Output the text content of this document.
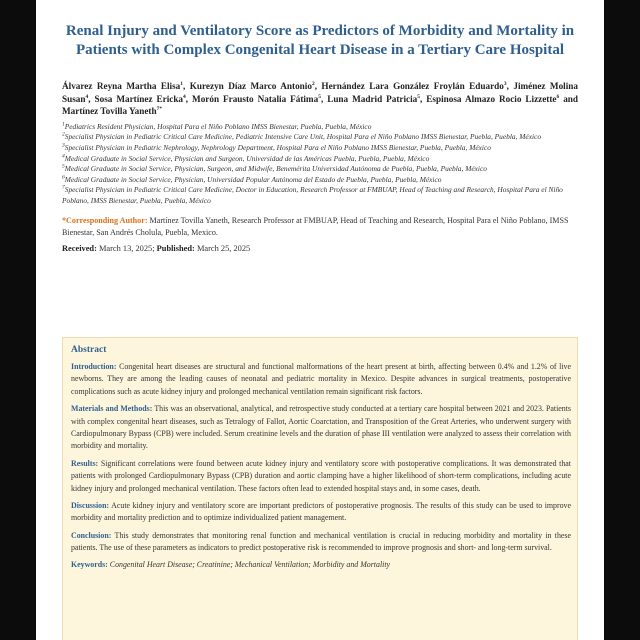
Renal Injury and Ventilatory Score as Predictors of Morbidity and Mortality in Patients with Complex Congenital Heart Disease in a Tertiary Care Hospital
Álvarez Reyna Martha Elisa$^1$, Kurezyn Díaz Marco Antonio$^2$, Hernández Lara González Froylán Eduardo$^3$, Jiménez Molina Susan$^4$, Sosa Martínez Ericka$^4$, Morón Frausto Natalia Fátima$^5$, Luna Madrid Patricia$^5$, Espinosa Almazo Rocio Lizzette$^6$ and Martínez Tovilla Yaneth$^{7*}$

$^1$Pediatrics Resident Physician, Hospital Para el Niño Poblano IMSS Bienestar, Puebla, Puebla, México

$^2$Specialist Physician in Pediatric Critical Care Medicine, Pediatric Intensive Care Unit, Hospital Para el Niño Poblano IMSS Bienestar, Puebla, Puebla, México

$^3$Specialist Physician in Pediatric Nephrology, Nephrology Department, Hospital Para el Niño Poblano IMSS Bienestar, Puebla, Puebla, México

$^4$Medical Graduate in Social Service, Physician and Surgeon, Universidad de las Américas Puebla, Puebla, Puebla, México

$^5$Medical Graduate in Social Service, Physician, Surgeon, and Midwife, Benemérita Universidad Autónoma de Puebla, Puebla, Puebla, México

$^6$Medical Graduate in Social Service, Physician, Universidad Popular Autónoma del Estado de Puebla, Puebla, Puebla, México

$^7$Specialist Physician in Pediatric Critical Care Medicine, Doctor in Education, Research Professor at FMBUAP, Head of Teaching and Research, Hospital Para el Niño Poblano, IMSS Bienestar, Puebla, Puebla, México

*Corresponding Author: Martínez Tovilla Yaneth, Research Professor at FMBUAP, Head of Teaching and Research, Hospital Para el Niño Poblano, IMSS Bienestar, San Andrés Cholula, Puebla, Mexico.
Received: March 13, 2025; Published: March 25, 2025
Abstract

Introduction: Congenital heart diseases are structural and functional malformations of the heart present at birth, affecting between 0.4% and 1.2% of live newborns. They are among the leading causes of neonatal and pediatric mortality in Mexico. Despite advances in surgical treatments, postoperative complications such as acute kidney injury and prolonged mechanical ventilation remain significant risk factors.

Materials and Methods: This was an observational, analytical, and retrospective study conducted at a tertiary care hospital between 2021 and 2023. Patients with complex congenital heart diseases, such as Tetralogy of Fallot, Aortic Coarctation, and Transposition of the Great Arteries, who underwent surgery with Cardiopulmonary Bypass (CPB) were included. Serum creatinine levels and the duration of phase III ventilation were analyzed to assess their correlation with morbidity and mortality.

Results: Significant correlations were found between acute kidney injury and ventilatory score with postoperative complications. It was demonstrated that patients with prolonged Cardiopulmonary Bypass (CPB) duration and aortic clamping have a higher likelihood of short-term complications, including acute kidney injury and prolonged mechanical ventilation. These factors often lead to extended hospital stays and, in some cases, death.

Discussion: Acute kidney injury and ventilatory score are important predictors of postoperative prognosis. The results of this study can be used to improve morbidity and mortality prediction and to optimize individualized patient management.

Conclusion: This study demonstrates that monitoring renal function and mechanical ventilation is crucial in reducing morbidity and mortality in these patients. The use of these parameters as indicators to predict postoperative risk is recommended to improve prognosis and short- and long-term survival.

Keywords: Congenital Heart Disease; Creatinine; Mechanical Ventilation; Morbidity and Mortality
